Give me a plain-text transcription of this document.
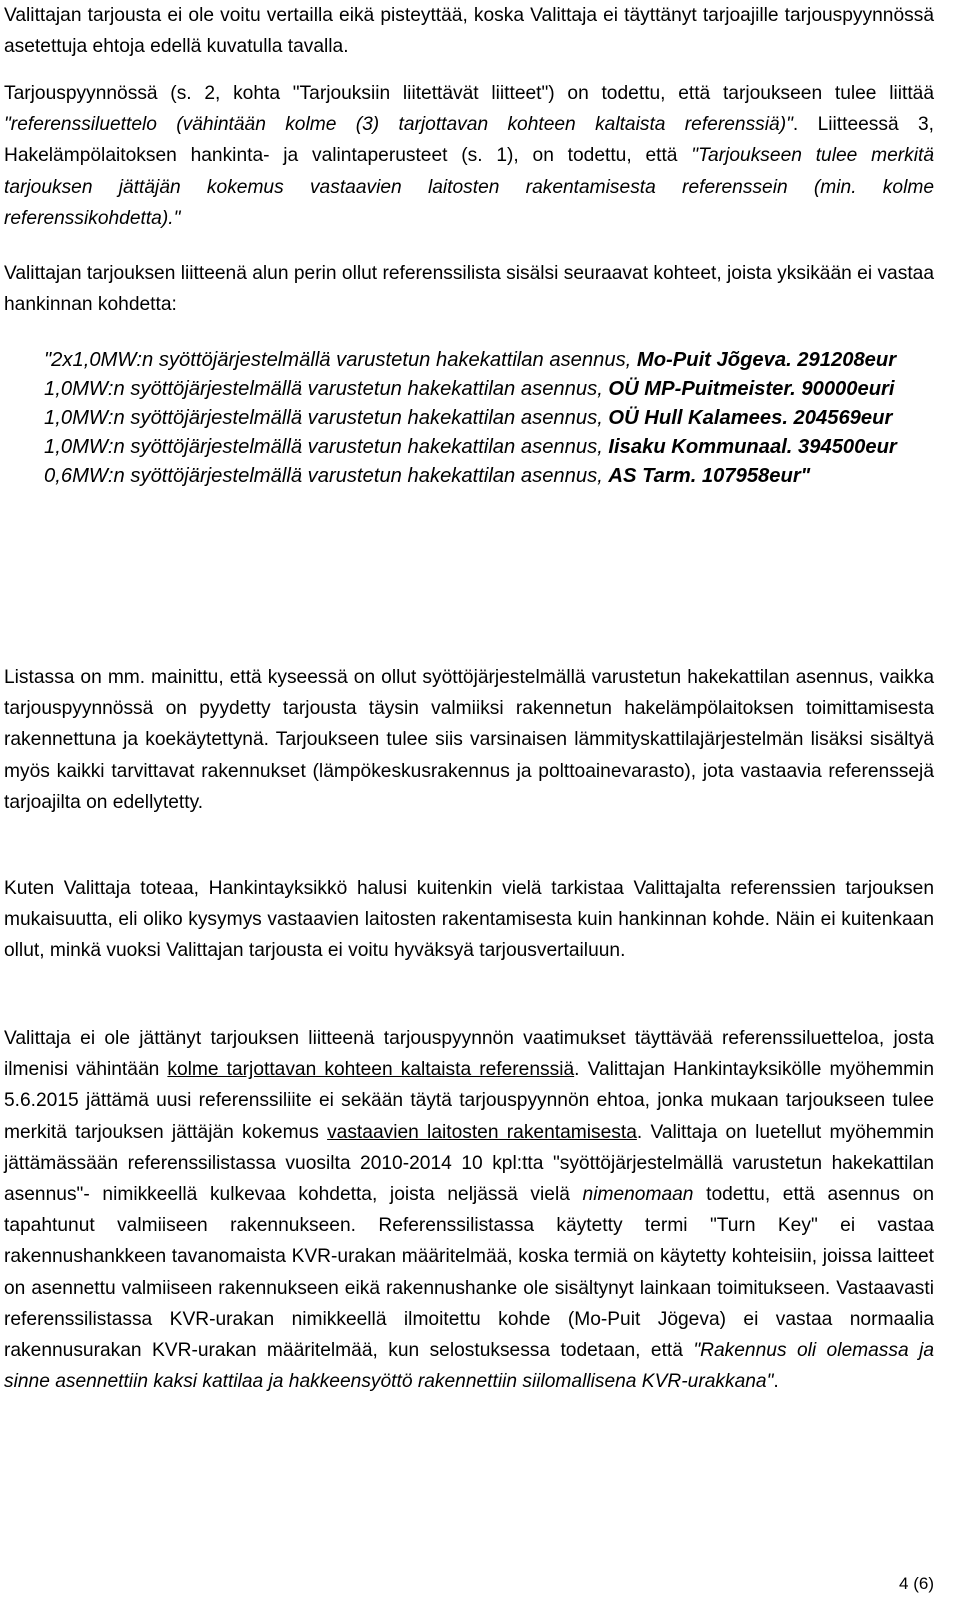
Valittajan tarjousta ei ole voitu vertailla eikä pisteyttää, koska Valittaja ei täyttänyt tarjoajille tarjouspyynnössä asetettuja ehtoja edellä kuvatulla tavalla.

Tarjouspyynnössä (s. 2, kohta "Tarjouksiin liitettävät liitteet") on todettu, että tarjoukseen tulee liittää "referenssiluettelo (vähintään kolme (3) tarjottavan kohteen kaltaista referenssiä)". Liitteessä 3, Hakelämpölaitoksen hankinta- ja valintaperusteet (s. 1), on todettu, että "Tarjoukseen tulee merkitä tarjouksen jättäjän kokemus vastaavien laitosten rakentamisesta referenssein (min. kolme referenssikohdetta)."

Valittajan tarjouksen liitteenä alun perin ollut referenssilista sisälsi seuraavat kohteet, joista yksikään ei vastaa hankinnan kohdetta:

"2x1,0MW:n syöttöjärjestelmällä varustetun hakekattilan asennus, Mo-Puit Jõgeva. 291208eur
1,0MW:n syöttöjärjestelmällä varustetun hakekattilan asennus, OÜ MP-Puitmeister. 90000euri
1,0MW:n syöttöjärjestelmällä varustetun hakekattilan asennus, OÜ Hull Kalamees. 204569eur
1,0MW:n syöttöjärjestelmällä varustetun hakekattilan asennus, Iisaku Kommunaal. 394500eur
0,6MW:n syöttöjärjestelmällä varustetun hakekattilan asennus, AS Tarm. 107958eur"

Listassa on mm. mainittu, että kyseessä on ollut syöttöjärjestelmällä varustetun hakekattilan asennus, vaikka tarjouspyynnössä on pyydetty tarjousta täysin valmiiksi rakennetun hakelämpölaitoksen toimittamisesta rakennettuna ja koekäytettynä. Tarjoukseen tulee siis varsinaisen lämmityskattilajärjestelmän lisäksi sisältyä myös kaikki tarvittavat rakennukset (lämpökeskusrakennus ja polttoainevarasto), jota vastaavia referenssejä tarjoajilta on edellytetty.

Kuten Valittaja toteaa, Hankintayksikkö halusi kuitenkin vielä tarkistaa Valittajalta referenssien tarjouksen mukaisuutta, eli oliko kysymys vastaavien laitosten rakentamisesta kuin hankinnan kohde. Näin ei kuitenkaan ollut, minkä vuoksi Valittajan tarjousta ei voitu hyväksyä tarjousvertailuun.

Valittaja ei ole jättänyt tarjouksen liitteenä tarjouspyynnön vaatimukset täyttävää referenssiluetteloa, josta ilmenisi vähintään kolme tarjottavan kohteen kaltaista referenssiä. Valittajan Hankintayksikölle myöhemmin 5.6.2015 jättämä uusi referenssiliite ei sekään täytä tarjouspyynnön ehtoa, jonka mukaan tarjoukseen tulee merkitä tarjouksen jättäjän kokemus vastaavien laitosten rakentamisesta. Valittaja on luetellut myöhemmin jättämässään referenssilistassa vuosilta 2010-2014 10 kpl:tta "syöttöjärjestelmällä varustetun hakekattilan asennus"- nimikkeellä kulkevaa kohdetta, joista neljässä vielä nimenomaan todettu, että asennus on tapahtunut valmiiseen rakennukseen. Referenssilistassa käytetty termi "Turn Key" ei vastaa rakennushankkeen tavanomaista KVR-urakan määritelmää, koska termiä on käytetty kohteisiin, joissa laitteet on asennettu valmiiseen rakennukseen eikä rakennushanke ole sisältynyt lainkaan toimitukseen. Vastaavasti referenssilistassa KVR-urakan nimikkeellä ilmoitettu kohde (Mo-Puit Jögeva) ei vastaa normaalia rakennusurakan KVR-urakan määritelmää, kun selostuksessa todetaan, että "Rakennus oli olemassa ja sinne asennettiin kaksi kattilaa ja hakkeensyöttö rakennettiin siilomallisena KVR-urakkana".

4 (6)
